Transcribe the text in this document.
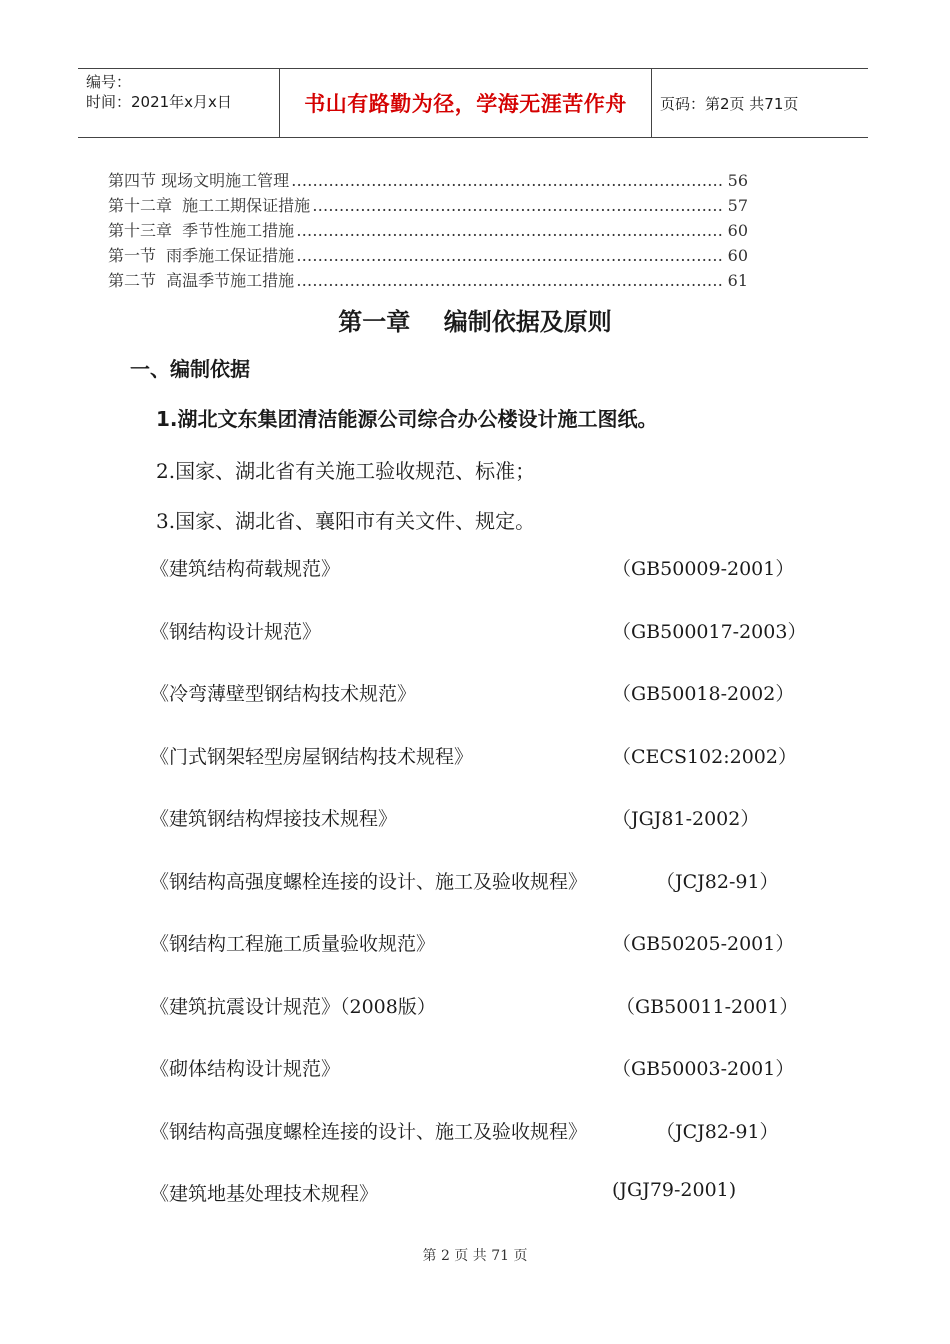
编号：
时间：2021年x月x日	书山有路勤为径，学海无涯苦作舟	页码：第2页 共71页
第四节 现场文明施工管理 …………………………………………………………………………………………………………………………	56
第十二章  施工工期保证措施 …………………………………………………………………………………………………………………………	57
第十三章  季节性施工措施 …………………………………………………………………………………………………………………………	60
第一节  雨季施工保证措施 …………………………………………………………………………………………………………………………	60
第二节  高温季节施工措施 …………………………………………………………………………………………………………………………	61
第一章    编制依据及原则
一、编制依据
1.湖北文东集团清洁能源公司综合办公楼设计施工图纸。
2.国家、湖北省有关施工验收规范、标准；
3.国家、湖北省、襄阳市有关文件、规定。
《建筑结构荷载规范》	（GB50009-2001）
《钢结构设计规范》	（GB500017-2003）
《冷弯薄壁型钢结构技术规范》	（GB50018-2002）
《门式钢架轻型房屋钢结构技术规程》	（CECS102:2002）
《建筑钢结构焊接技术规程》	（JGJ81-2002）
《钢结构高强度螺栓连接的设计、施工及验收规程》	（JCJ82-91）
《钢结构工程施工质量验收规范》	（GB50205-2001）
《建筑抗震设计规范》（2008版）	（GB50011-2001）
《砌体结构设计规范》	（GB50003-2001）
《钢结构高强度螺栓连接的设计、施工及验收规程》	（JCJ82-91）
《建筑地基处理技术规程》	(JGJ79-2001)
第 2 页 共 71 页
